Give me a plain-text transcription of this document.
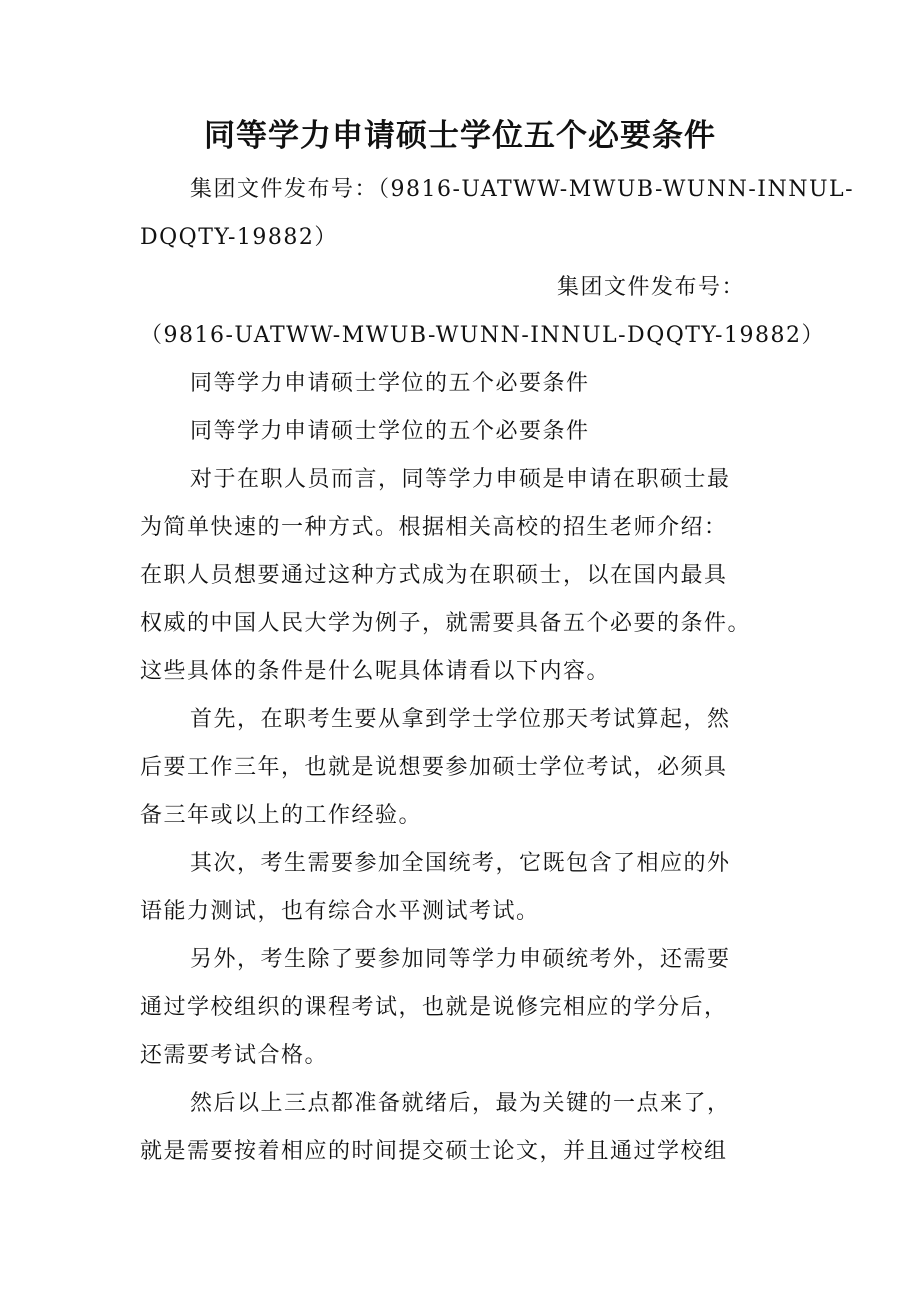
同等学力申请硕士学位五个必要条件
集团文件发布号：（9816-UATWW-MWUB-WUNN-INNUL-
DQQTY-19882）
集团文件发布号：
（9816-UATWW-MWUB-WUNN-INNUL-DQQTY-19882）
同等学力申请硕士学位的五个必要条件
同等学力申请硕士学位的五个必要条件
对于在职人员而言，同等学力申硕是申请在职硕士最
为简单快速的一种方式。根据相关高校的招生老师介绍：
在职人员想要通过这种方式成为在职硕士，以在国内最具
权威的中国人民大学为例子，就需要具备五个必要的条件。
这些具体的条件是什么呢具体请看以下内容。
首先，在职考生要从拿到学士学位那天考试算起，然
后要工作三年，也就是说想要参加硕士学位考试，必须具
备三年或以上的工作经验。
其次，考生需要参加全国统考，它既包含了相应的外
语能力测试，也有综合水平测试考试。
另外，考生除了要参加同等学力申硕统考外，还需要
通过学校组织的课程考试，也就是说修完相应的学分后，
还需要考试合格。
然后以上三点都准备就绪后，最为关键的一点来了，
就是需要按着相应的时间提交硕士论文，并且通过学校组
